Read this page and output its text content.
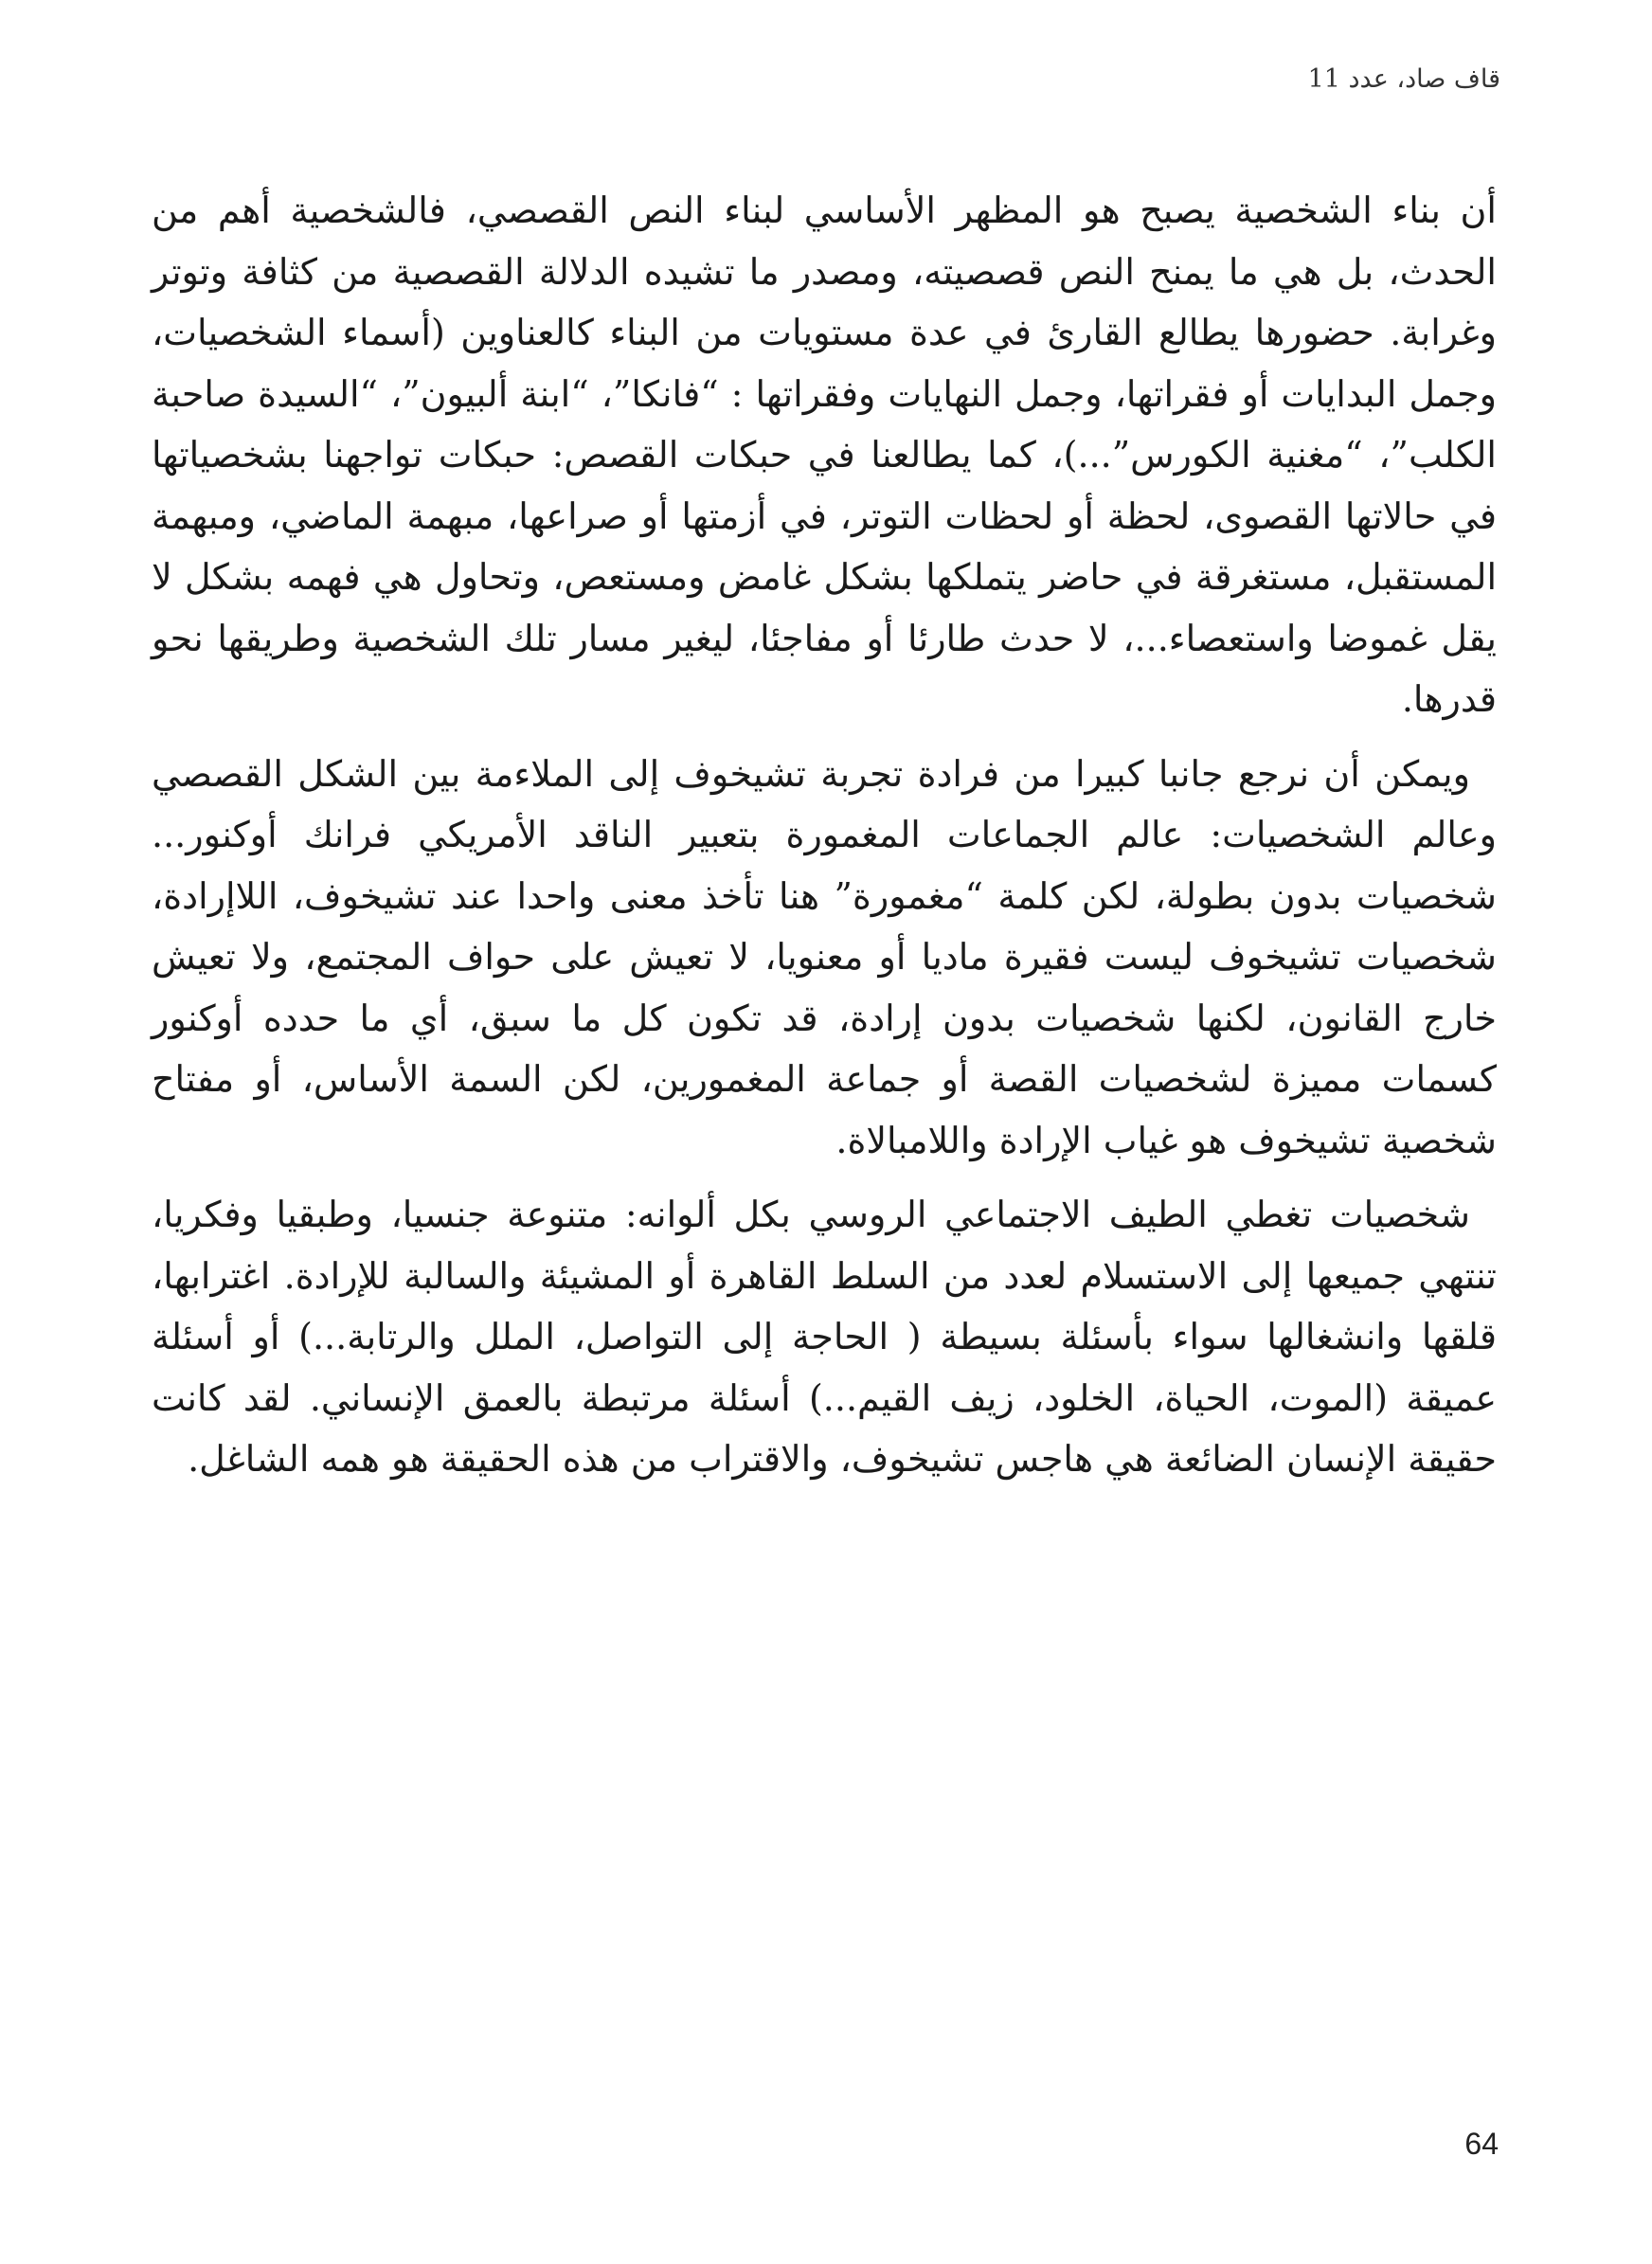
قاف صاد، عدد 11

أن بناء الشخصية يصبح هو المظهر الأساسي لبناء النص القصصي، فالشخصية أهم من الحدث، بل هي ما يمنح النص قصصيته، ومصدر ما تشيده الدلالة القصصية من كثافة وتوتر وغرابة. حضورها يطالع القارئ في عدة مستويات من البناء كالعناوين (أسماء الشخصيات، وجمل البدايات أو فقراتها، وجمل النهايات وفقراتها : “فانكا”، “ابنة ألبيون”، “السيدة صاحبة الكلب”، “مغنية الكورس”...)، كما يطالعنا في حبكات القصص: حبكات تواجهنا بشخصياتها في حالاتها القصوى، لحظة أو لحظات التوتر، في أزمتها أو صراعها، مبهمة الماضي، ومبهمة المستقبل، مستغرقة في حاضر يتملكها بشكل غامض ومستعص، وتحاول هي فهمه بشكل لا يقل غموضا واستعصاء...، لا حدث طارئا أو مفاجئا، ليغير مسار تلك الشخصية وطريقها نحو قدرها.

ويمكن أن نرجع جانبا كبيرا من فرادة تجربة تشيخوف إلى الملاءمة بين الشكل القصصي وعالم الشخصيات: عالم الجماعات المغمورة بتعبير الناقد الأمريكي فرانك أوكنور... شخصيات بدون بطولة، لكن كلمة “مغمورة” هنا تأخذ معنى واحدا عند تشيخوف، اللاإرادة، شخصيات تشيخوف ليست فقيرة ماديا أو معنويا، لا تعيش على حواف المجتمع، ولا تعيش خارج القانون، لكنها شخصيات بدون إرادة، قد تكون كل ما سبق، أي ما حدده أوكنور كسمات مميزة لشخصيات القصة أو جماعة المغمورين، لكن السمة الأساس، أو مفتاح شخصية تشيخوف هو غياب الإرادة واللامبالاة.

شخصيات تغطي الطيف الاجتماعي الروسي بكل ألوانه: متنوعة جنسيا، وطبقيا وفكريا، تنتهي جميعها إلى الاستسلام لعدد من السلط القاهرة أو المشيئة والسالبة للإرادة. اغترابها، قلقها وانشغالها سواء بأسئلة بسيطة ( الحاجة إلى التواصل، الملل والرتابة...) أو أسئلة عميقة (الموت، الحياة، الخلود، زيف القيم...) أسئلة مرتبطة بالعمق الإنساني. لقد كانت حقيقة الإنسان الضائعة هي هاجس تشيخوف، والاقتراب من هذه الحقيقة هو همه الشاغل.

64
